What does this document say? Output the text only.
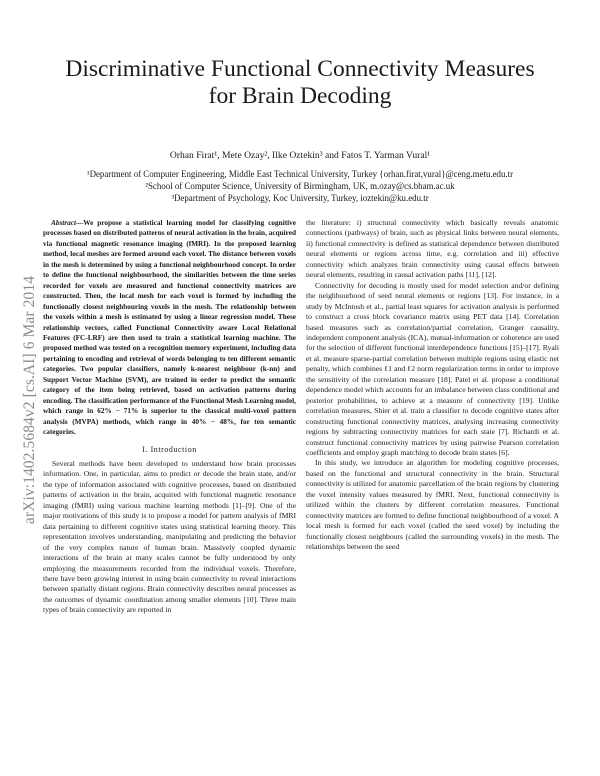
arXiv:1402.5684v2 [cs.AI] 6 Mar 2014
Discriminative Functional Connectivity Measures
for Brain Decoding
Orhan Firat¹, Mete Ozay², Ilke Oztekin³ and Fatos T. Yarman Vural¹
¹Department of Computer Engineering, Middle East Technical University, Turkey {orhan.firat,vural}@ceng.metu.edu.tr
²School of Computer Science, University of Birmingham, UK, m.ozay@cs.bham.ac.uk
³Department of Psychology, Koc University, Turkey, ioztekin@ku.edu.tr
Abstract—We propose a statistical learning model for classifying cognitive processes based on distributed patterns of neural activation in the brain, acquired via functional magnetic resonance imaging (fMRI). In the proposed learning method, local meshes are formed around each voxel. The distance between voxels in the mesh is determined by using a functional neighbourhood concept. In order to define the functional neighbourhood, the similarities between the time series recorded for voxels are measured and functional connectivity matrices are constructed. Then, the local mesh for each voxel is formed by including the functionally closest neighbouring voxels in the mesh. The relationship between the voxels within a mesh is estimated by using a linear regression model. These relationship vectors, called Functional Connectivity aware Local Relational Features (FC-LRF) are then used to train a statistical learning machine. The proposed method was tested on a recognition memory experiment, including data pertaining to encoding and retrieval of words belonging to ten different semantic categories. Two popular classifiers, namely k-nearest neighbour (k-nn) and Support Vector Machine (SVM), are trained in order to predict the semantic category of the item being retrieved, based on activation patterns during encoding. The classification performance of the Functional Mesh Learning model, which range in 62% − 71% is superior to the classical multi-voxel pattern analysis (MVPA) methods, which range in 40% − 48%, for ten semantic categories.
I. Introduction

Several methods have been developed to understand how brain processes information. One, in particular, aims to predict or decode the brain state, and/or the type of information associated with cognitive processes, based on distributed patterns of activation in the brain, acquired with functional magnetic resonance imaging (fMRI) using various machine learning methods [1]–[9]. One of the major motivations of this study is to propose a model for pattern analysis of fMRI data pertaining to different cognitive states using statistical learning theory. This representation involves understanding, manipulating and predicting the behavior of the very complex nature of human brain. Massively coupled dynamic interactions of the brain at many scales cannot be fully understood by only employing the measurements recorded from the individual voxels. Therefore, there have been growing interest in using brain connectivity to reveal interactions between spatially distant regions. Brain connectivity describes neural processes as the outcomes of dynamic coordination among smaller elements [10]. Three main types of brain connectivity are reported in

the literature: i) structural connectivity which basically reveals anatomic connections (pathways) of brain, such as physical links between neural elements, ii) functional connectivity is defined as statistical dependence between distributed neural elements or regions across time, e.g. correlation and iii) effective connectivity which analyzes brain connectivity using causal effects between neural elements, resulting in causal activation paths [11], [12].

Connectivity for decoding is mostly used for model selection and/or defining the neighbourhood of seed neural elements or regions [13]. For instance, in a study by McIntosh et al., partial least squares for activation analysis is performed to construct a cross block covariance matrix using PET data [14]. Correlation based measures such as correlation/partial correlation, Granger causality, independent component analysis (ICA), mutual-information or coherence are used for the selection of different functional interdependence functions [15]–[17]. Ryali et al. measure sparse-partial correlation between multiple regions using elastic net penalty, which combines ℓ1 and ℓ2 norm regularization terms in order to improve the sensitivity of the correlation measure [18]. Patel et al. propose a conditional dependence model which accounts for an imbalance between class conditional and posterior probabilities, to achieve at a measure of connectivity [19]. Unlike correlation measures, Shier et al. train a classifier to decode cognitive states after constructing functional connectivity matrices, analysing increasing connectivity regions by subtracting connectivity matrices for each state [7]. Richardi et al. construct functional connectivity matrices by using pairwise Pearson correlation coefficients and employ graph matching to decode brain states [6].

In this study, we introduce an algorithm for modeling cognitive processes, based on the functional and structural connectivity in the brain. Structural connectivity is utilized for anatomic parcellation of the brain regions by clustering the voxel intensity values measured by fMRI. Next, functional connectivity is utilized within the clusters by different correlation measures. Functional connectivity matrices are formed to define functional neighbourhood of a voxel. A local mesh is formed for each voxel (called the seed voxel) by including the functionally closest neighbours (called the surrounding voxels) in the mesh. The relationships between the seed
